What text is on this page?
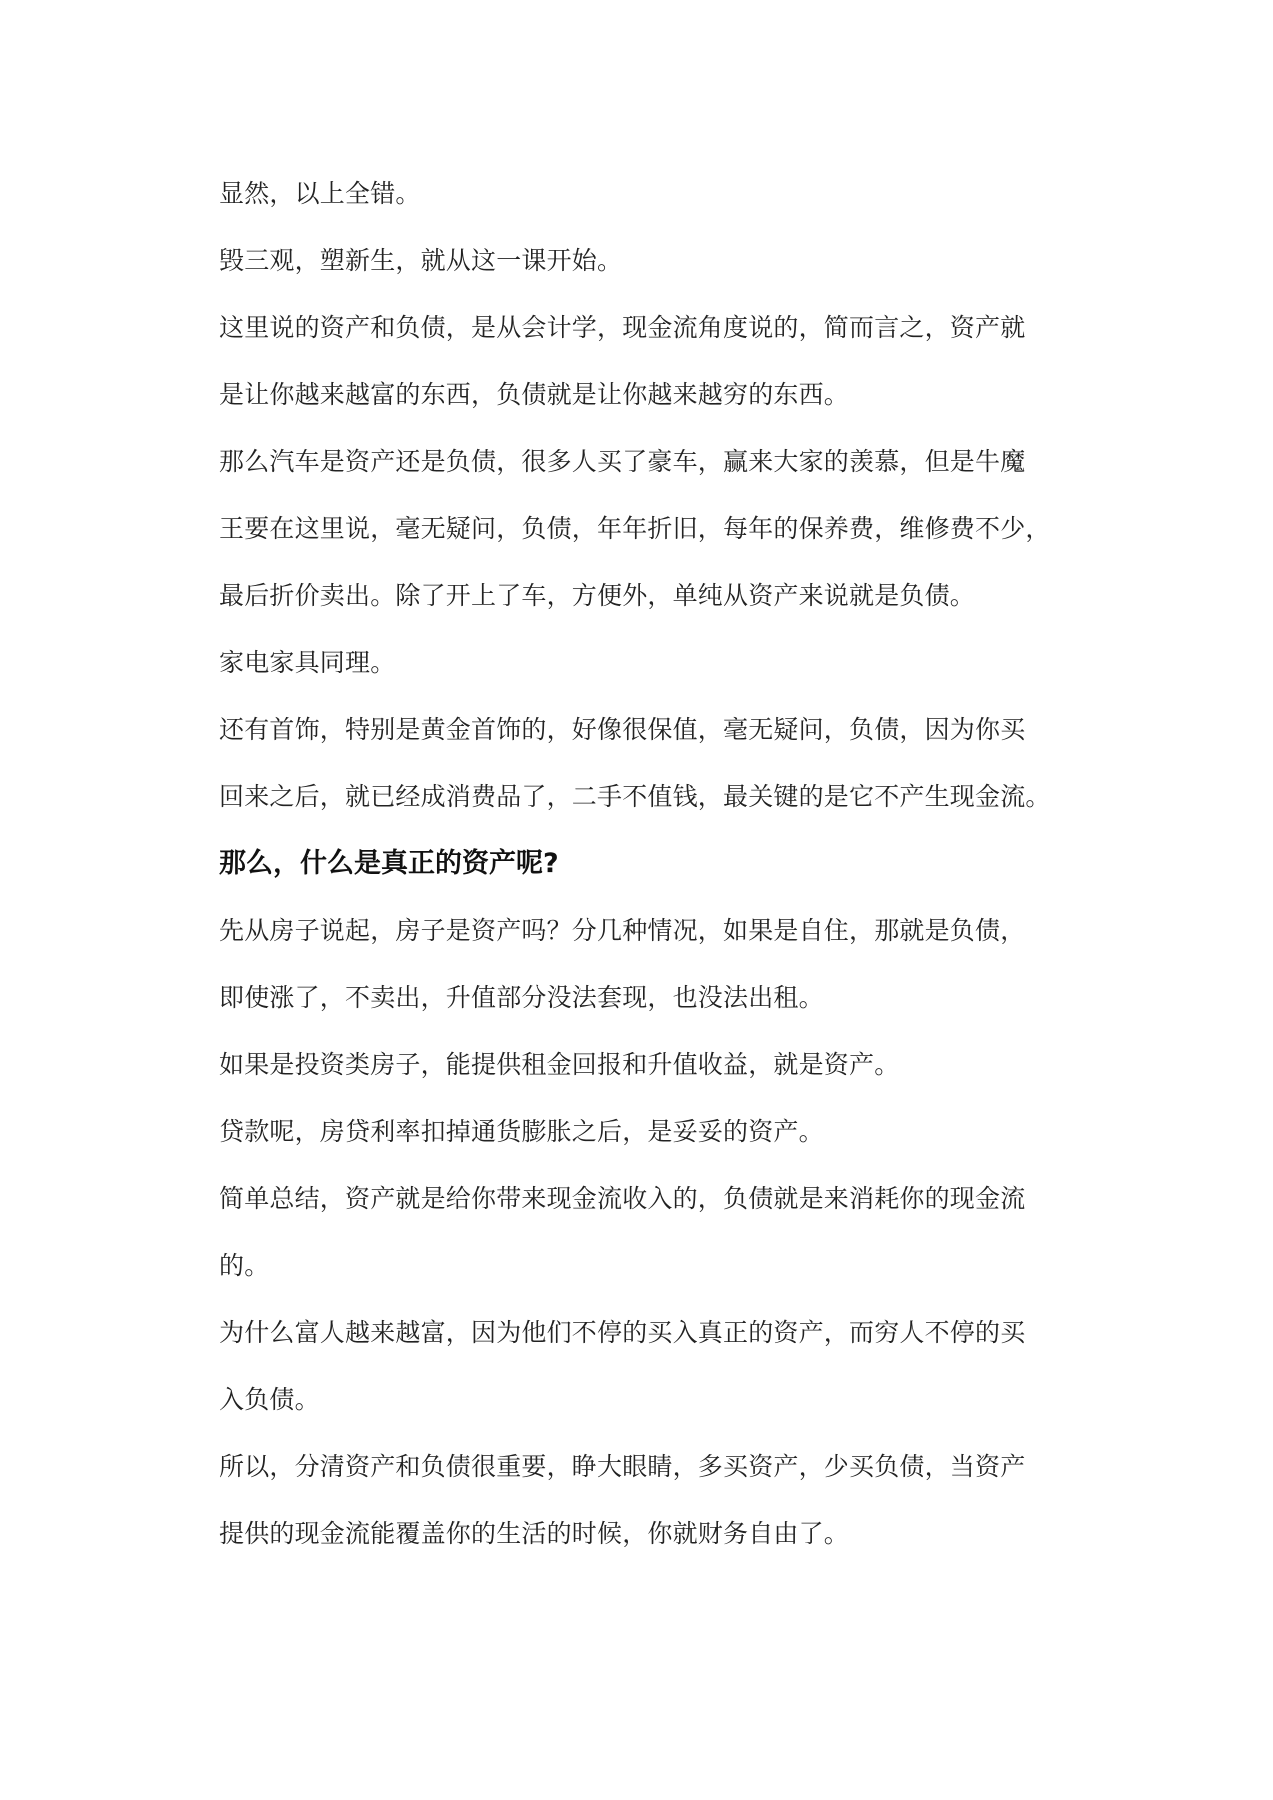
显然，以上全错。

毁三观，塑新生，就从这一课开始。

这里说的资产和负债，是从会计学，现金流角度说的，简而言之，资产就
是让你越来越富的东西，负债就是让你越来越穷的东西。

那么汽车是资产还是负债，很多人买了豪车，赢来大家的羡慕，但是牛魔
王要在这里说，毫无疑问，负债，年年折旧，每年的保养费，维修费不少，
最后折价卖出。除了开上了车，方便外，单纯从资产来说就是负债。

家电家具同理。

还有首饰，特别是黄金首饰的，好像很保值，毫无疑问，负债，因为你买
回来之后，就已经成消费品了，二手不值钱，最关键的是它不产生现金流。

那么，什么是真正的资产呢?

先从房子说起，房子是资产吗？分几种情况，如果是自住，那就是负债，
即使涨了，不卖出，升值部分没法套现，也没法出租。

如果是投资类房子，能提供租金回报和升值收益，就是资产。

贷款呢，房贷利率扣掉通货膨胀之后，是妥妥的资产。

简单总结，资产就是给你带来现金流收入的，负债就是来消耗你的现金流
的。

为什么富人越来越富，因为他们不停的买入真正的资产，而穷人不停的买
入负债。

所以，分清资产和负债很重要，睁大眼睛，多买资产，少买负债，当资产
提供的现金流能覆盖你的生活的时候，你就财务自由了。
